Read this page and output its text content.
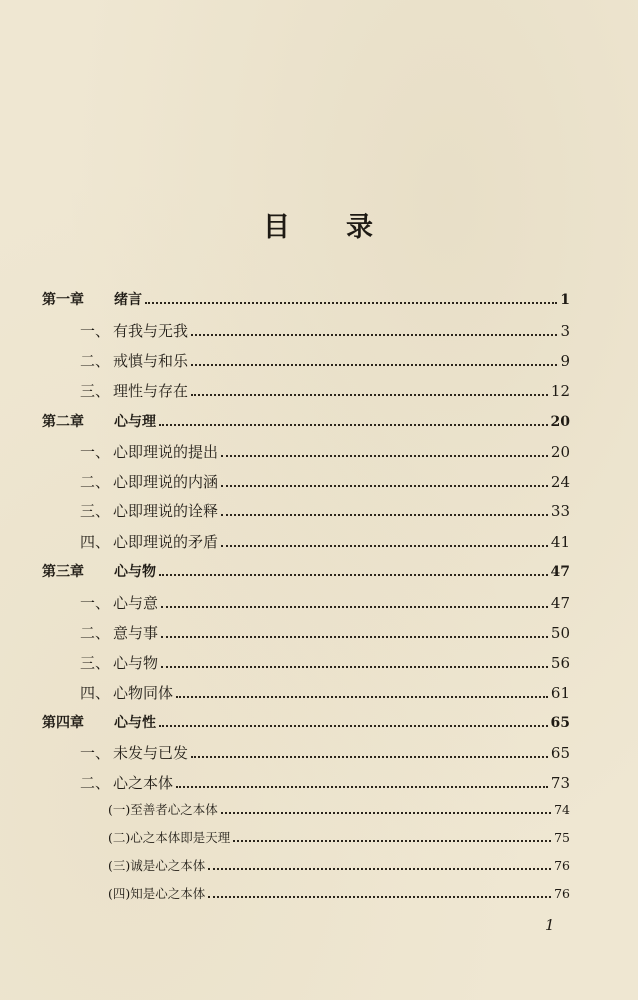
目 录
第一章 绪言	1
一、 有我与无我	3
二、 戒慎与和乐	9
三、 理性与存在	12
第二章 心与理	20
一、 心即理说的提出	20
二、 心即理说的内涵	24
三、 心即理说的诠释	33
四、 心即理说的矛盾	41
第三章 心与物	47
一、 心与意	47
二、 意与事	50
三、 心与物	56
四、 心物同体	61
第四章 心与性	65
一、 未发与已发	65
二、 心之本体	73
(一)至善者心之本体	74
(二)心之本体即是天理	75
(三)诚是心之本体	76
(四)知是心之本体	76
1
